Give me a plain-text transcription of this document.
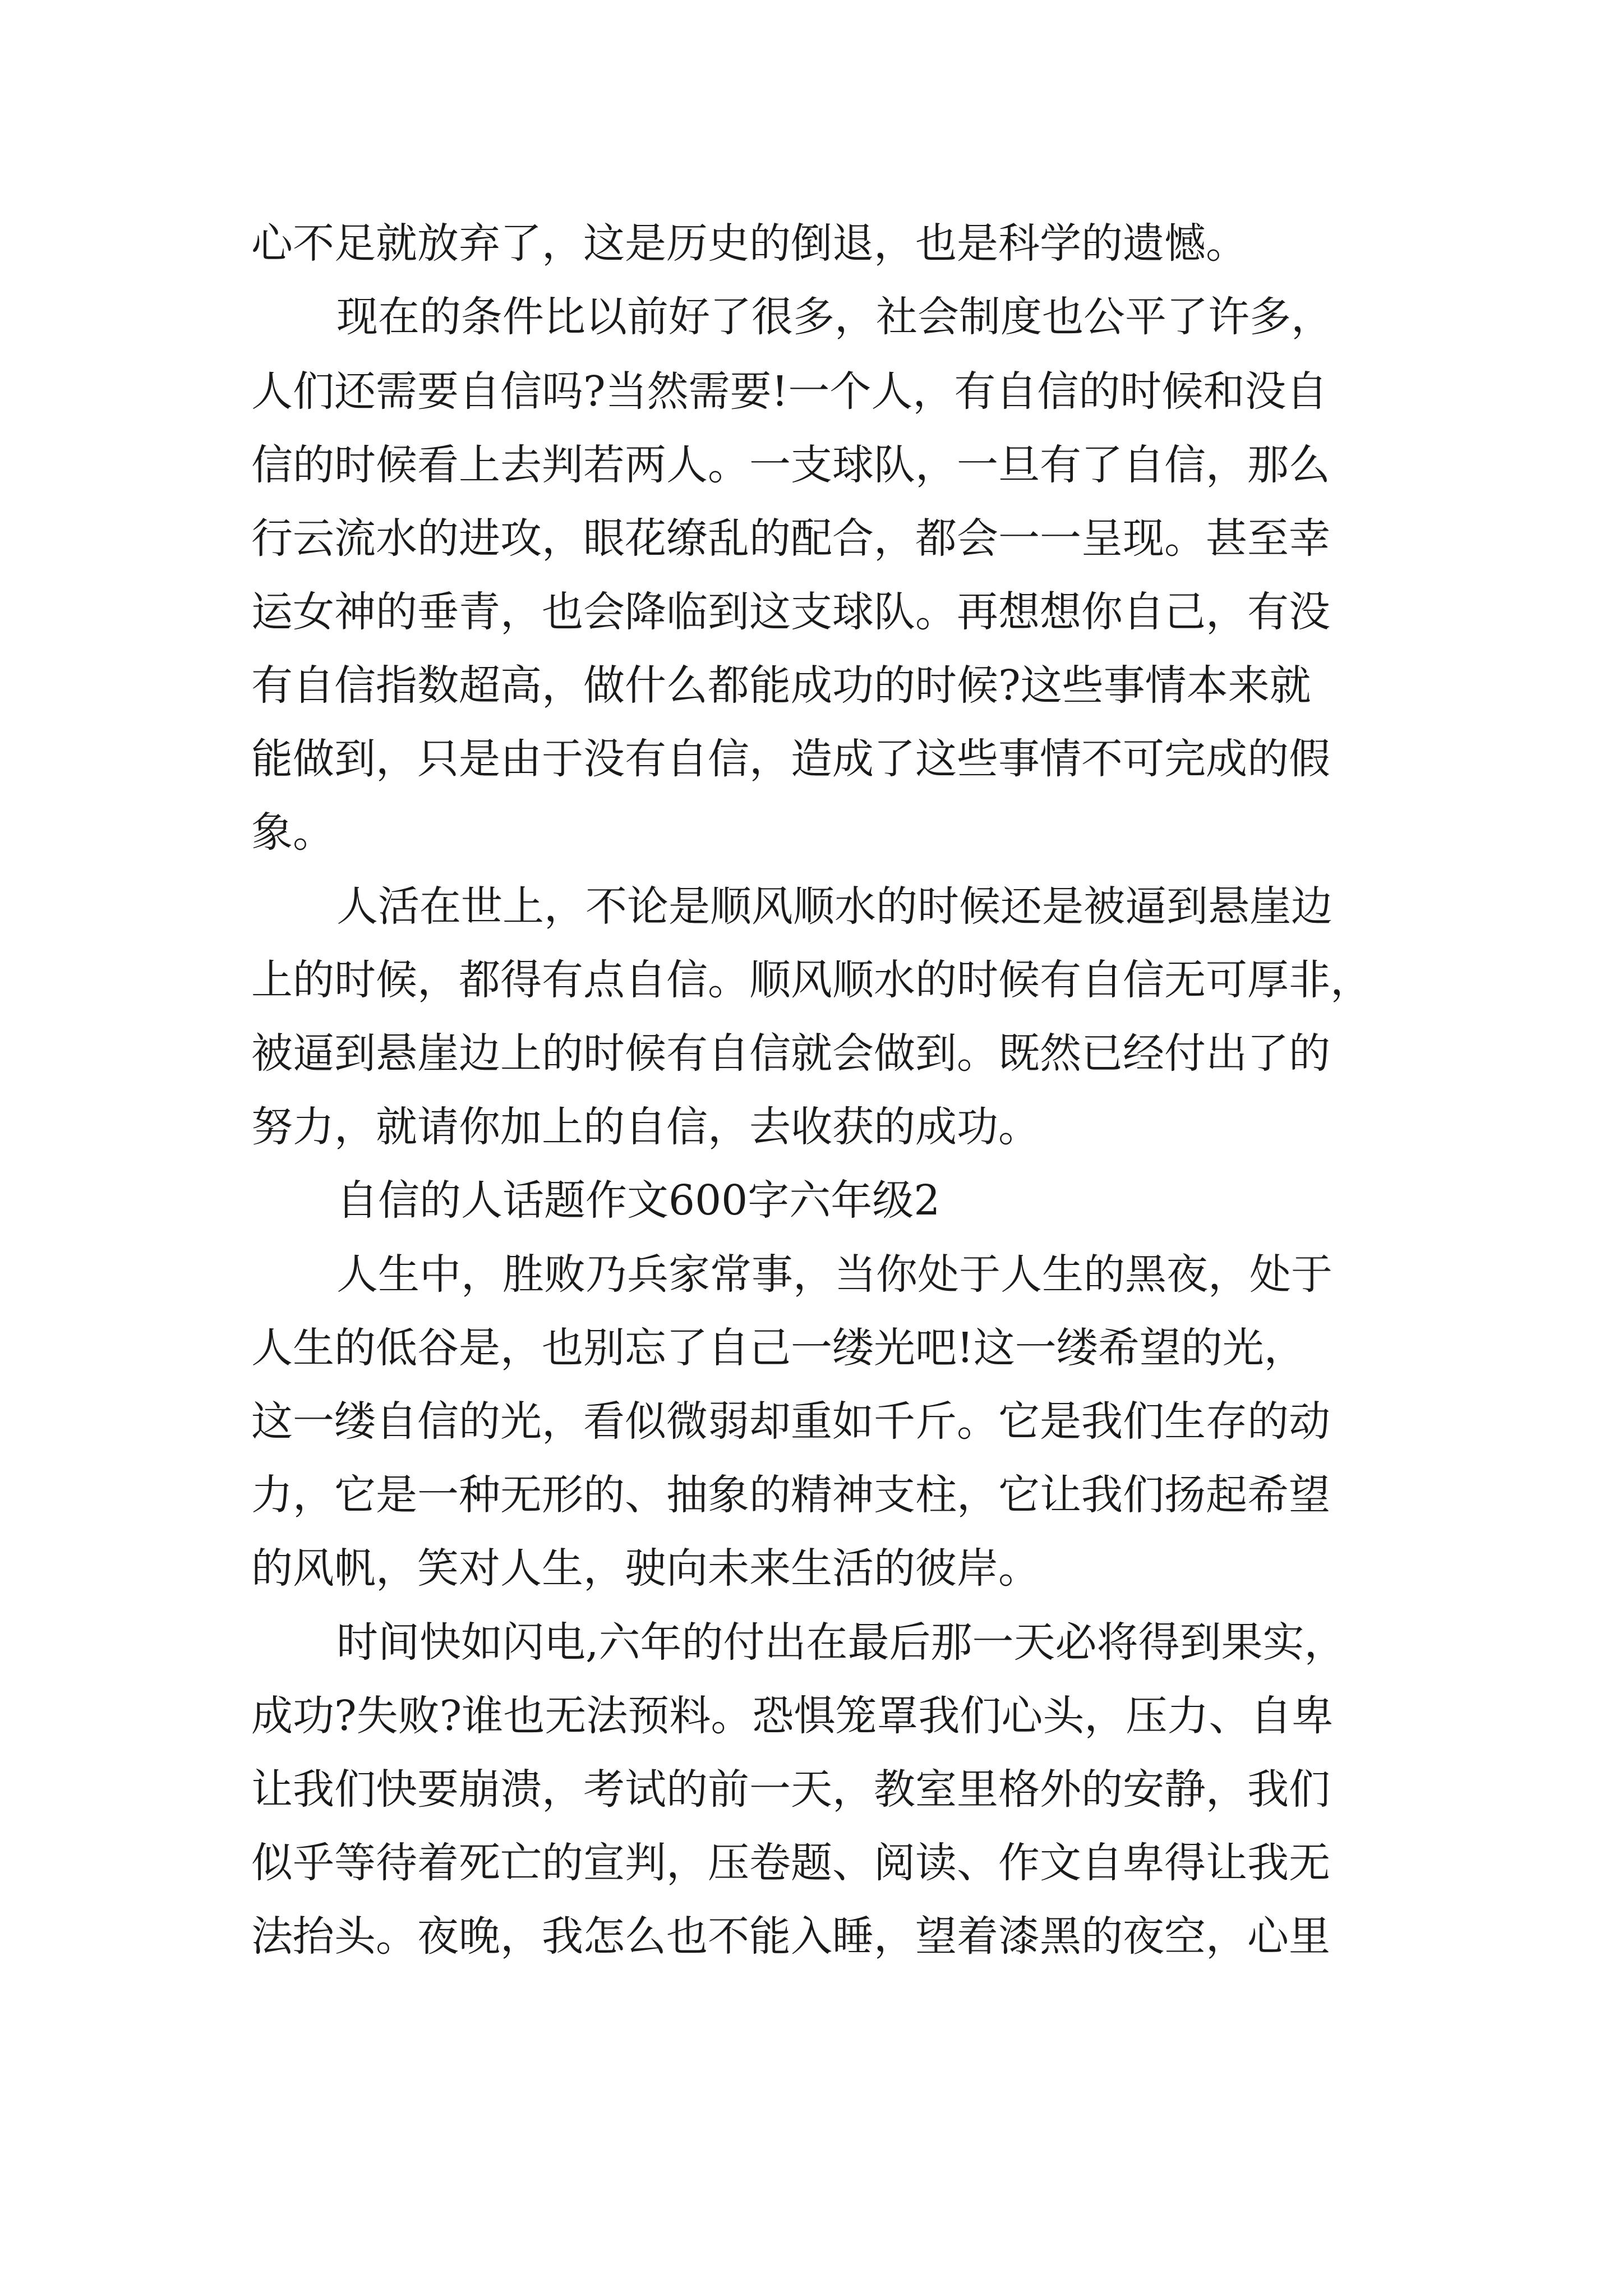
心不足就放弃了，这是历史的倒退，也是科学的遗憾。
现在的条件比以前好了很多，社会制度也公平了许多，
人们还需要自信吗?当然需要!一个人，有自信的时候和没自
信的时候看上去判若两人。一支球队，一旦有了自信，那么
行云流水的进攻，眼花缭乱的配合，都会一一呈现。甚至幸
运女神的垂青，也会降临到这支球队。再想想你自己，有没
有自信指数超高，做什么都能成功的时候?这些事情本来就
能做到，只是由于没有自信，造成了这些事情不可完成的假
象。
人活在世上，不论是顺风顺水的时候还是被逼到悬崖边
上的时候，都得有点自信。顺风顺水的时候有自信无可厚非，
被逼到悬崖边上的时候有自信就会做到。既然已经付出了的
努力，就请你加上的自信，去收获的成功。
自信的人话题作文600字六年级2
人生中，胜败乃兵家常事，当你处于人生的黑夜，处于
人生的低谷是，也别忘了自己一缕光吧!这一缕希望的光，
这一缕自信的光，看似微弱却重如千斤。它是我们生存的动
力，它是一种无形的、抽象的精神支柱，它让我们扬起希望
的风帆，笑对人生，驶向未来生活的彼岸。
时间快如闪电,六年的付出在最后那一天必将得到果实，
成功?失败?谁也无法预料。恐惧笼罩我们心头，压力、自卑
让我们快要崩溃，考试的前一天，教室里格外的安静，我们
似乎等待着死亡的宣判，压卷题、阅读、作文自卑得让我无
法抬头。夜晚，我怎么也不能入睡，望着漆黑的夜空，心里
